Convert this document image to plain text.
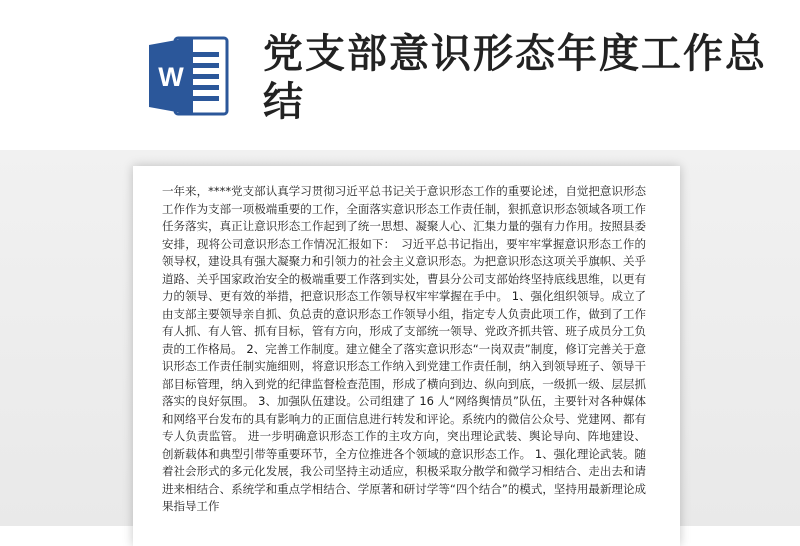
W 党支部意识形态年度工作总结

一年来，****党支部认真学习贯彻习近平总书记关于意识形态工作的重要论述，自觉把意识形态工作作为支部一项极端重要的工作，全面落实意识形态工作责任制，狠抓意识形态领域各项工作任务落实，真正让意识形态工作起到了统一思想、凝聚人心、汇集力量的强有力作用。按照县委安排，现将公司意识形态工作情况汇报如下：　习近平总书记指出，要牢牢掌握意识形态工作的领导权，建设具有强大凝聚力和引领力的社会主义意识形态。为把意识形态这项关乎旗帜、关乎道路、关乎国家政治安全的极端重要工作落到实处，曹县分公司支部始终坚持底线思维，以更有力的领导、更有效的举措，把意识形态工作领导权牢牢掌握在手中。 1、强化组织领导。成立了由支部主要领导亲自抓、负总责的意识形态工作领导小组，指定专人负责此项工作，做到了工作有人抓、有人管、抓有目标，管有方向，形成了支部统一领导、党政齐抓共管、班子成员分工负责的工作格局。 2、完善工作制度。建立健全了落实意识形态“一岗双责”制度，修订完善关于意识形态工作责任制实施细则，将意识形态工作纳入到党建工作责任制，纳入到领导班子、领导干部目标管理，纳入到党的纪律监督检查范围，形成了横向到边、纵向到底，一级抓一级、层层抓落实的良好氛围。 3、加强队伍建设。公司组建了 16 人“网络舆情员”队伍，主要针对各种媒体和网络平台发布的具有影响力的正面信息进行转发和评论。系统内的微信公众号、党建网、都有专人负责监管。 进一步明确意识形态工作的主攻方向，突出理论武装、舆论导向、阵地建设、创新载体和典型引带等重要环节，全方位推进各个领域的意识形态工作。 1、强化理论武装。随着社会形式的多元化发展，我公司坚持主动适应，积极采取分散学和微学习相结合、走出去和请进来相结合、系统学和重点学相结合、学原著和研讨学等“四个结合”的模式，坚持用最新理论成果指导工作
